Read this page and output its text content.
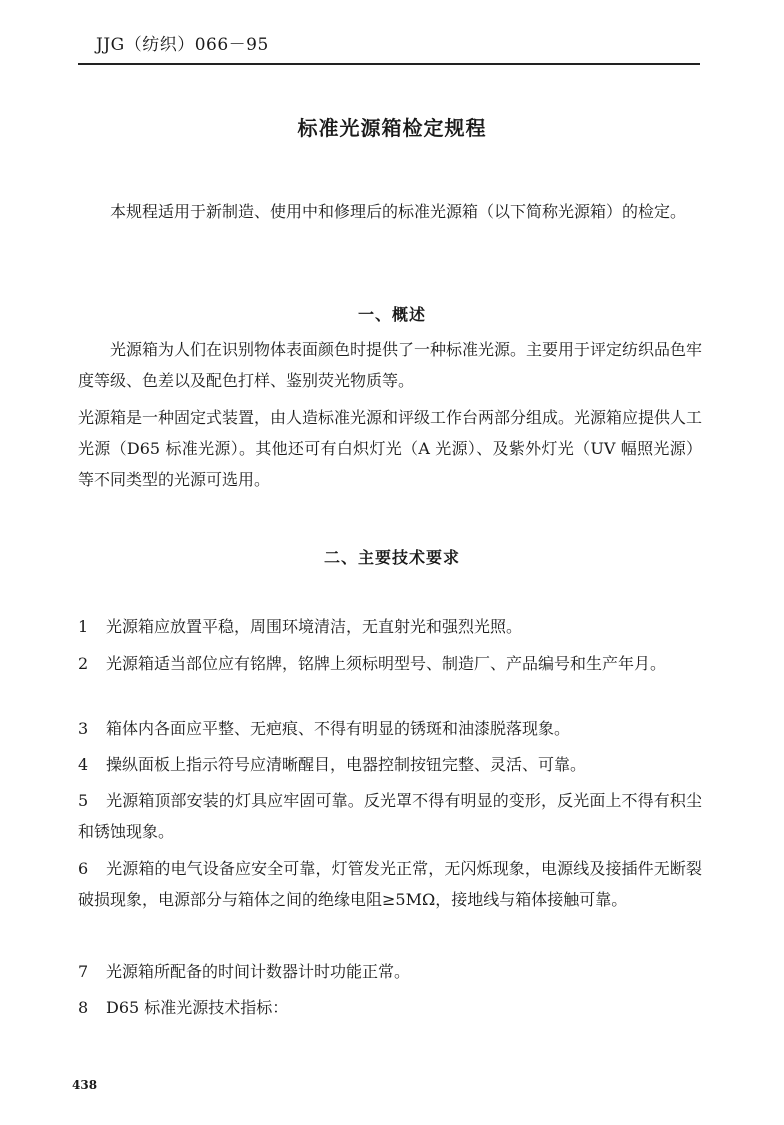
JJG（纺织）066－95
标准光源箱检定规程
本规程适用于新制造、使用中和修理后的标准光源箱（以下简称光源箱）的检定。
一、概述
光源箱为人们在识别物体表面颜色时提供了一种标准光源。主要用于评定纺织品色牢度等级、色差以及配色打样、鉴别荧光物质等。
光源箱是一种固定式装置，由人造标准光源和评级工作台两部分组成。光源箱应提供人工光源（D65 标准光源）。其他还可有白炽灯光（A 光源）、及紫外灯光（UV 幅照光源）等不同类型的光源可选用。
二、主要技术要求
1 光源箱应放置平稳，周围环境清洁，无直射光和强烈光照。
2 光源箱适当部位应有铭牌，铭牌上须标明型号、制造厂、产品编号和生产年月。
3 箱体内各面应平整、无疤痕、不得有明显的锈斑和油漆脱落现象。
4 操纵面板上指示符号应清晰醒目，电器控制按钮完整、灵活、可靠。
5 光源箱顶部安装的灯具应牢固可靠。反光罩不得有明显的变形，反光面上不得有积尘和锈蚀现象。
6 光源箱的电气设备应安全可靠，灯管发光正常，无闪烁现象，电源线及接插件无断裂破损现象，电源部分与箱体之间的绝缘电阻≥5MΩ，接地线与箱体接触可靠。
7 光源箱所配备的时间计数器计时功能正常。
8 D65 标准光源技术指标：
438
